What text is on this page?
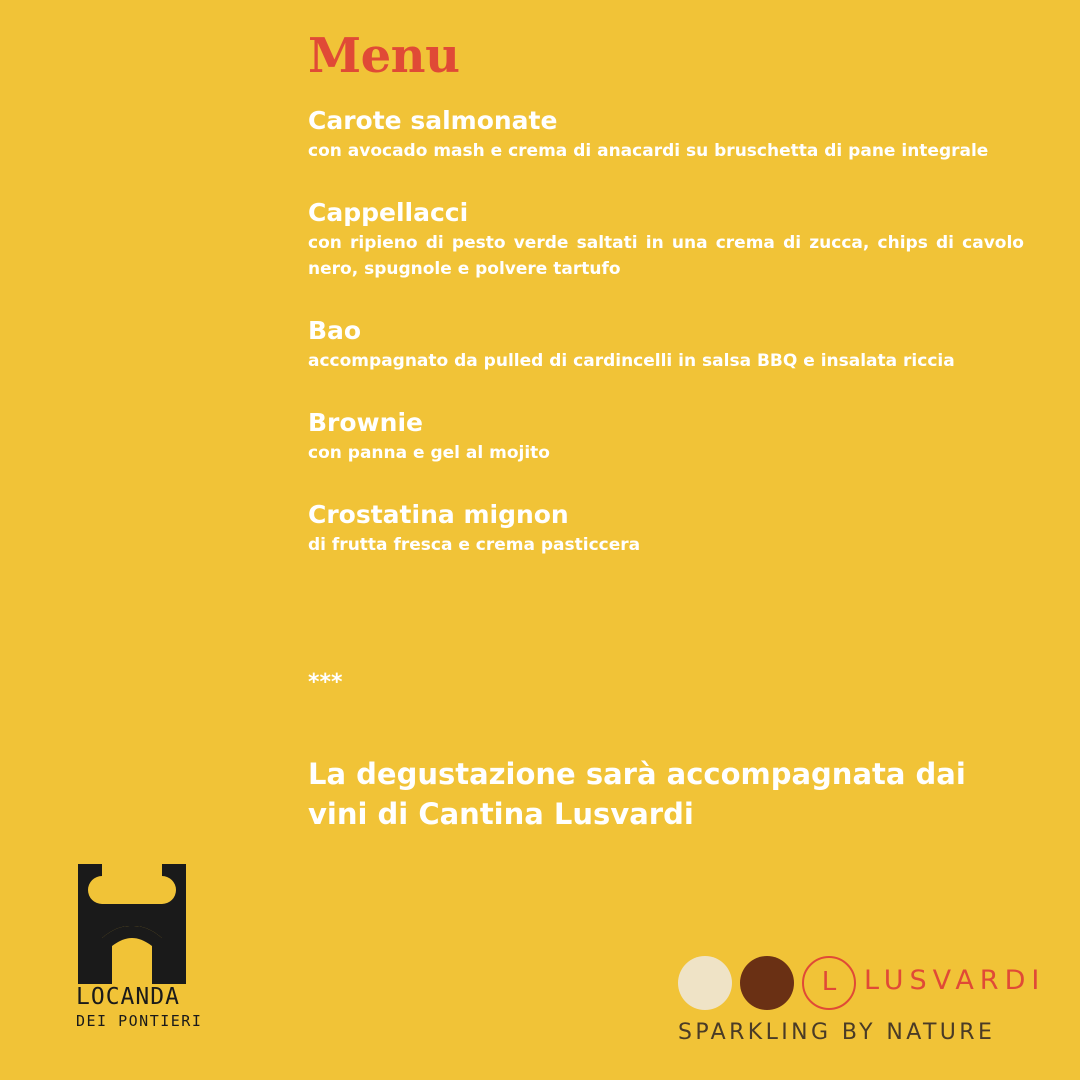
Menu
Carote salmonate
con avocado mash e crema di anacardi su bruschetta di pane integrale
Cappellacci
con ripieno di pesto verde saltati in una crema di zucca, chips di cavolo nero, spugnole e polvere tartufo
Bao
accompagnato da pulled di cardincelli in salsa BBQ e insalata riccia
Brownie
con panna e gel al mojito
Crostatina mignon
di frutta fresca e crema pasticcera
***
La degustazione sarà accompagnata dai vini di Cantina Lusvardi
LOCANDA
DEI PONTIERI
L	LUSVARDI
SPARKLING BY NATURE
